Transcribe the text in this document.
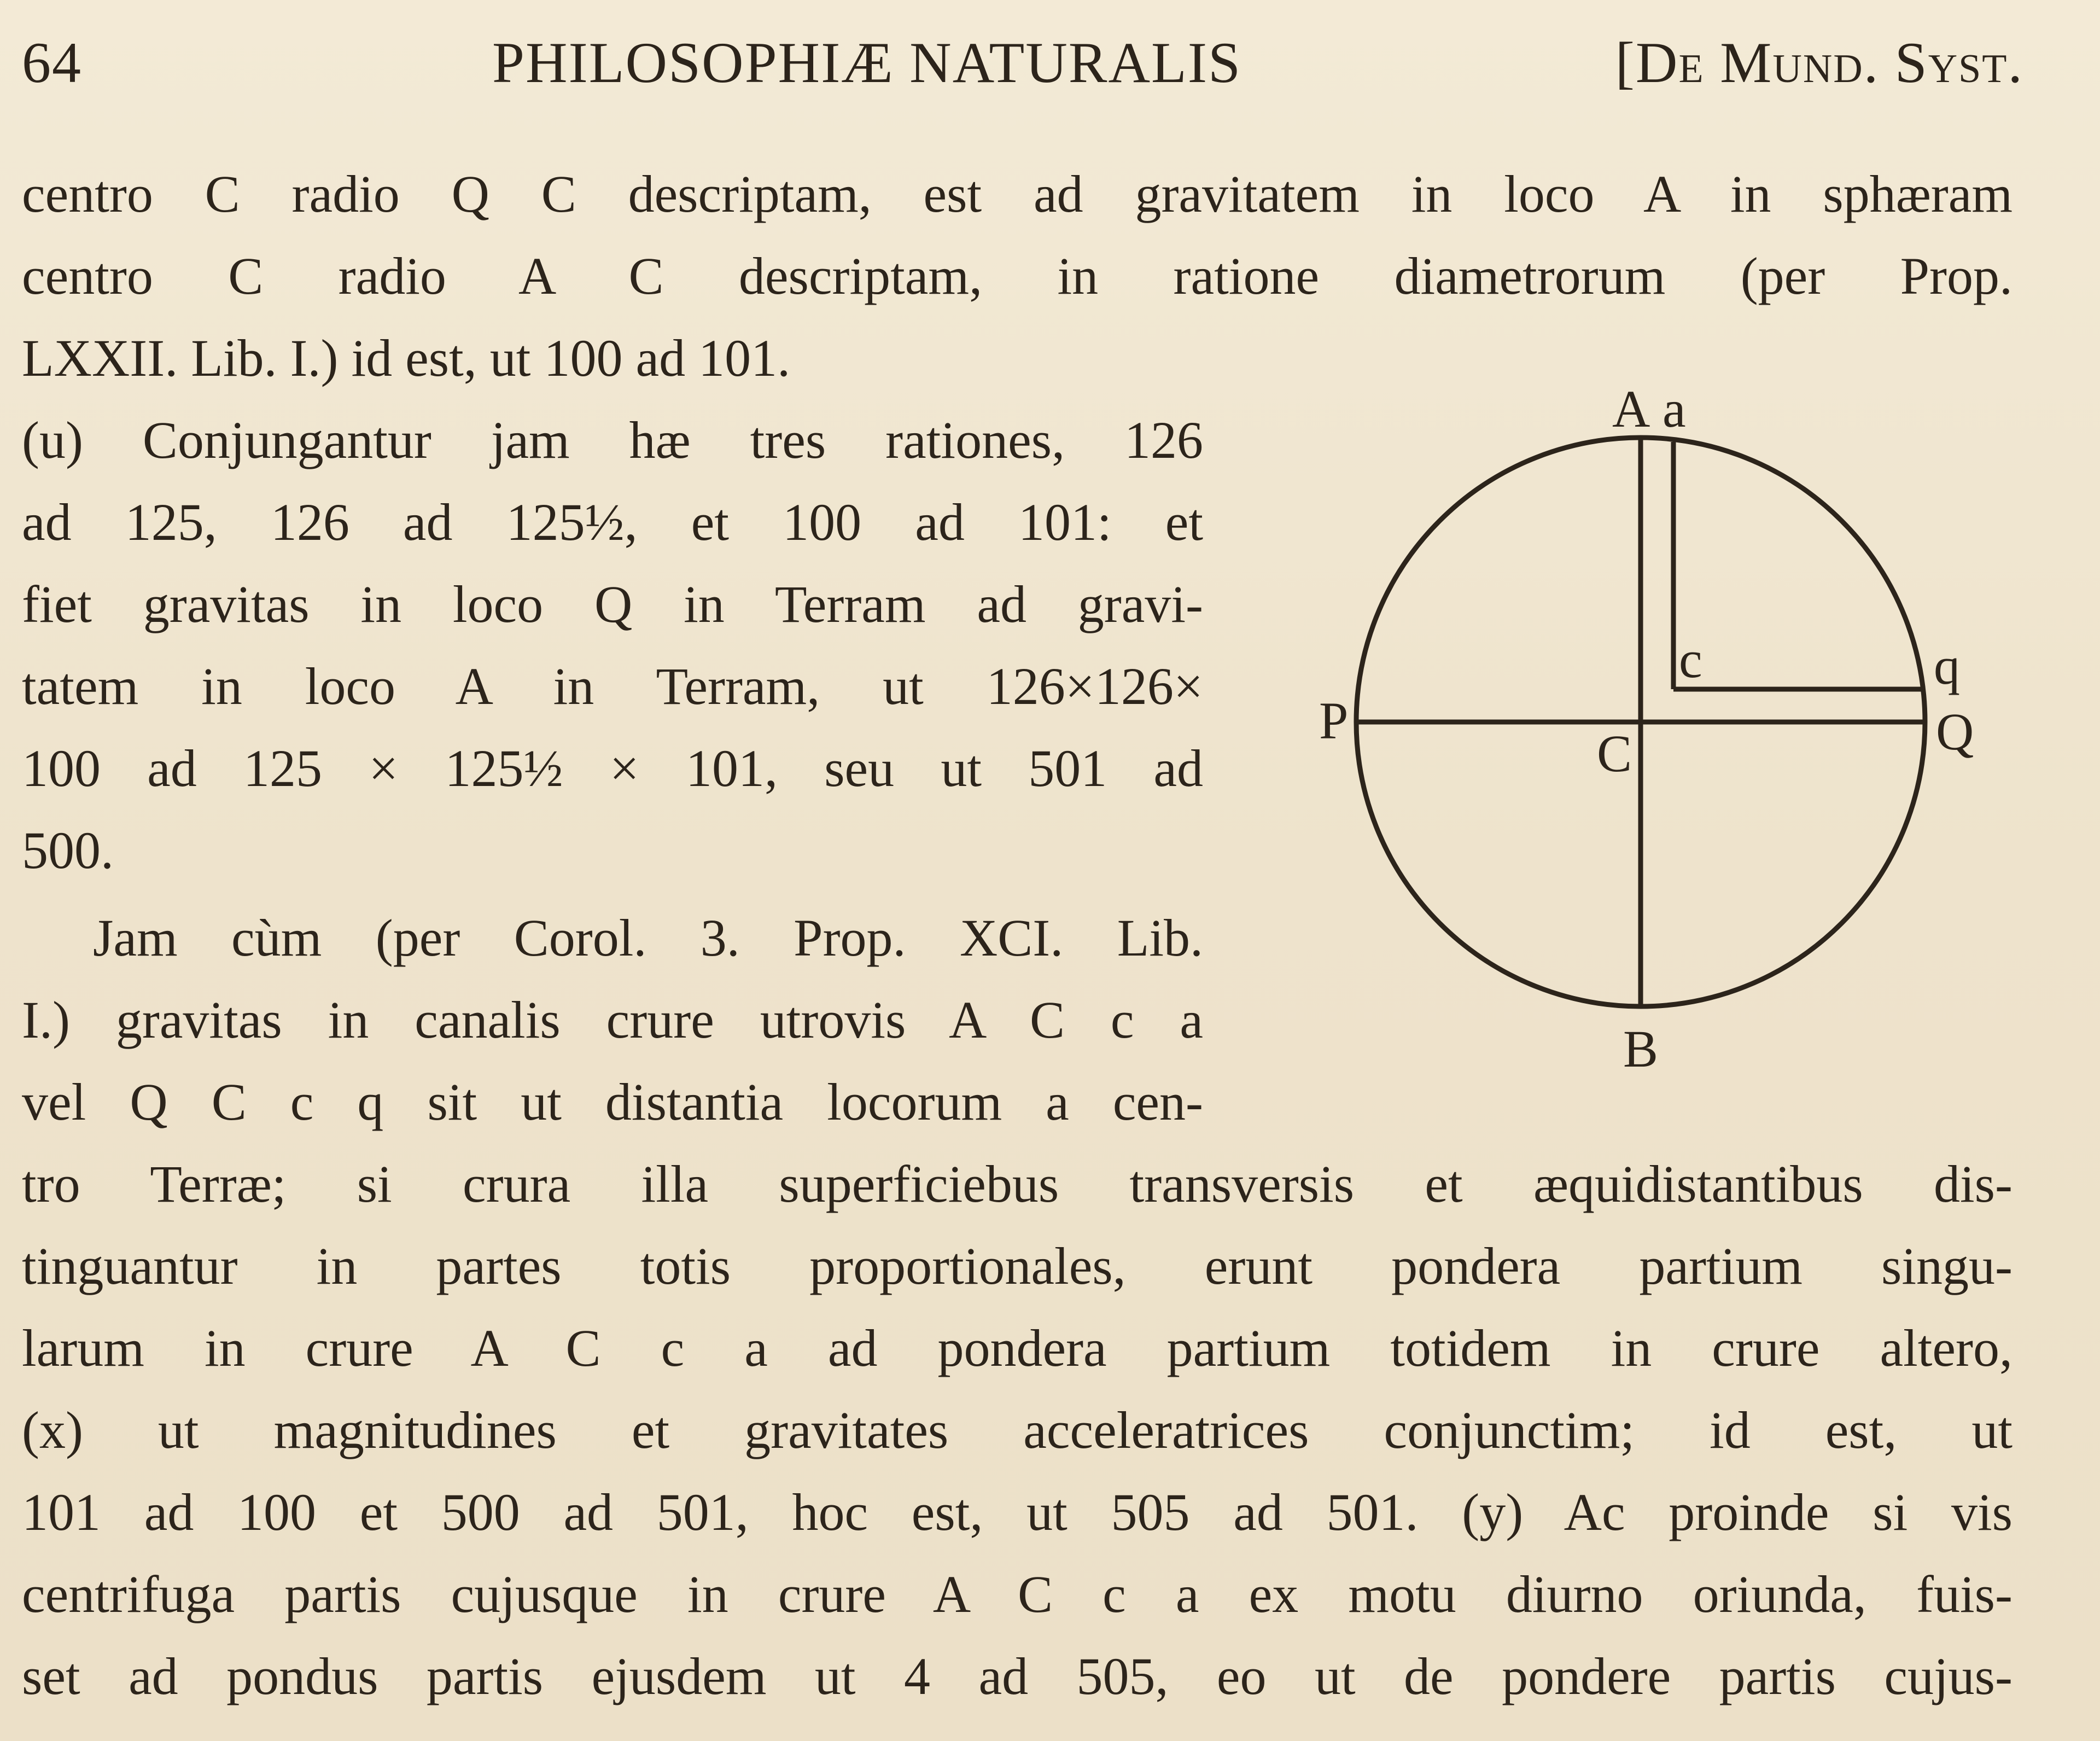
64	PHILOSOPHIÆ NATURALIS	[De Mund. Syst.
centro C radio Q C descriptam, est ad gravitatem in loco A in sphæram
centro C radio A C descriptam, in ratione diametrorum (per Prop.
LXXII. Lib. I.) id est, ut 100 ad 101.
(u) Conjungantur jam hæ tres rationes, 126
ad 125, 126 ad 125½, et 100 ad 101: et
fiet gravitas in loco Q in Terram ad gravi-
tatem in loco A in Terram, ut 126×126×
100 ad 125 × 125½ × 101, seu ut 501 ad
500.
Jam cùm (per Corol. 3. Prop. XCI. Lib.
I.) gravitas in canalis crure utrovis A C c a
vel Q C c q sit ut distantia locorum a cen-
tro Terræ; si crura illa superficiebus transversis et æquidistantibus dis-
tinguantur in partes totis proportionales, erunt pondera partium singu-
larum in crure A C c a ad pondera partium totidem in crure altero,
(x) ut magnitudines et gravitates acceleratrices conjunctim; id est, ut
101 ad 100 et 500 ad 501, hoc est, ut 505 ad 501. (y) Ac proinde si vis
centrifuga partis cujusque in crure A C c a ex motu diurno oriunda, fuis-
set ad pondus partis ejusdem ut 4 ad 505, eo ut de pondere partis cujus-
A a
P
C
c	q
Q
B
